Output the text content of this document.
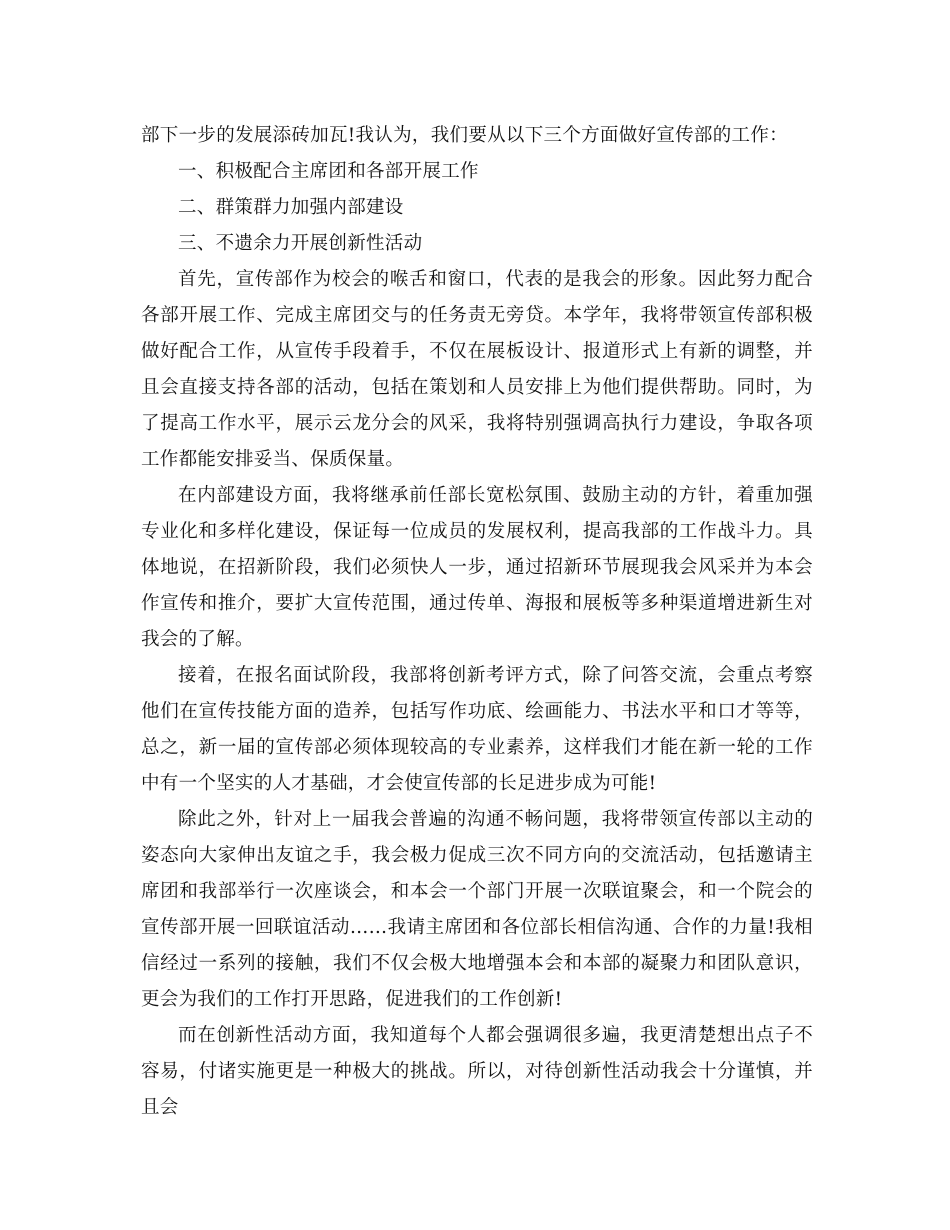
部下一步的发展添砖加瓦!我认为，我们要从以下三个方面做好宣传部的工作：
一、积极配合主席团和各部开展工作
二、群策群力加强内部建设
三、不遗余力开展创新性活动

首先，宣传部作为校会的喉舌和窗口，代表的是我会的形象。因此努力配合各部开展工作、完成主席团交与的任务责无旁贷。本学年，我将带领宣传部积极做好配合工作，从宣传手段着手，不仅在展板设计、报道形式上有新的调整，并且会直接支持各部的活动，包括在策划和人员安排上为他们提供帮助。同时，为了提高工作水平，展示云龙分会的风采，我将特别强调高执行力建设，争取各项工作都能安排妥当、保质保量。

在内部建设方面，我将继承前任部长宽松氛围、鼓励主动的方针，着重加强专业化和多样化建设，保证每一位成员的发展权利，提高我部的工作战斗力。具体地说，在招新阶段，我们必须快人一步，通过招新环节展现我会风采并为本会作宣传和推介，要扩大宣传范围，通过传单、海报和展板等多种渠道增进新生对我会的了解。

接着，在报名面试阶段，我部将创新考评方式，除了问答交流，会重点考察他们在宣传技能方面的造养，包括写作功底、绘画能力、书法水平和口才等等，总之，新一届的宣传部必须体现较高的专业素养，这样我们才能在新一轮的工作中有一个坚实的人才基础，才会使宣传部的长足进步成为可能!

除此之外，针对上一届我会普遍的沟通不畅问题，我将带领宣传部以主动的姿态向大家伸出友谊之手，我会极力促成三次不同方向的交流活动，包括邀请主席团和我部举行一次座谈会，和本会一个部门开展一次联谊聚会，和一个院会的宣传部开展一回联谊活动……我请主席团和各位部长相信沟通、合作的力量!我相信经过一系列的接触，我们不仅会极大地增强本会和本部的凝聚力和团队意识，更会为我们的工作打开思路，促进我们的工作创新!

而在创新性活动方面，我知道每个人都会强调很多遍，我更清楚想出点子不容易，付诸实施更是一种极大的挑战。所以，对待创新性活动我会十分谨慎，并且会
